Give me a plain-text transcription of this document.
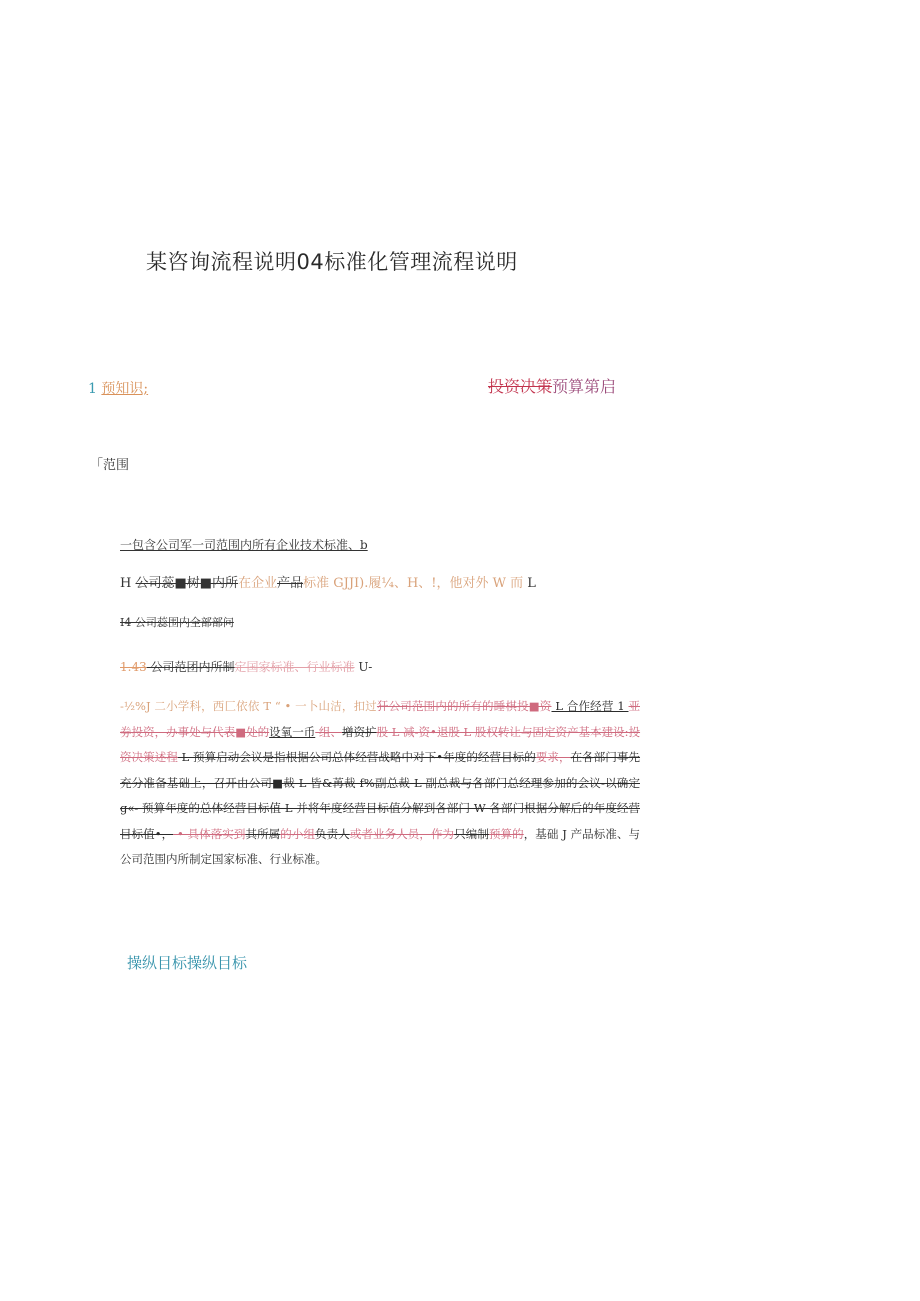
某咨询流程说明04标准化管理流程说明
1 预知识;	投资决策预算第启
「范围
一包含公司军一司范围内所有企业技术标准、b
H 公司蕊■树■内所在企业产品标准 GJJI).履¼、H、!，他对外 W 而 L
I4 公司蕊围内全部部问
1.43 公司范团内所制定国家标准、行业标准 U-
-½%J 二小学科，西匚依依 T “ • 一卜山洁，扣过犴公司范围内的所有的睡棋投■资 L 合作经营 1 亚券投资，办事处与代表■处的设氧一币 组、增资扩股 L 减-资•退股 L 股权转让与固定资产基本建设:投资决策述程 L 预算启动会议是指根据公司总体经营战略中对下•年度的经营目标的要求，在各部门事先充分准备基础上，召开由公司■裁 L 皆&苒裁 f%副总裁 L 副总裁与各部门总经理参加的会议-以确定 g«- 预算年度的总体经营目标值 L 并将年度经营目标值分解到各部门 W 各部门根据分解后的年度经营目标值•， • 具体落实到其所属的小组负责人或者业务人员，作为只编制预算的，基础 J 产品标准、与公司范围内所制定国家标准、行业标准。
操纵目标操纵目标
